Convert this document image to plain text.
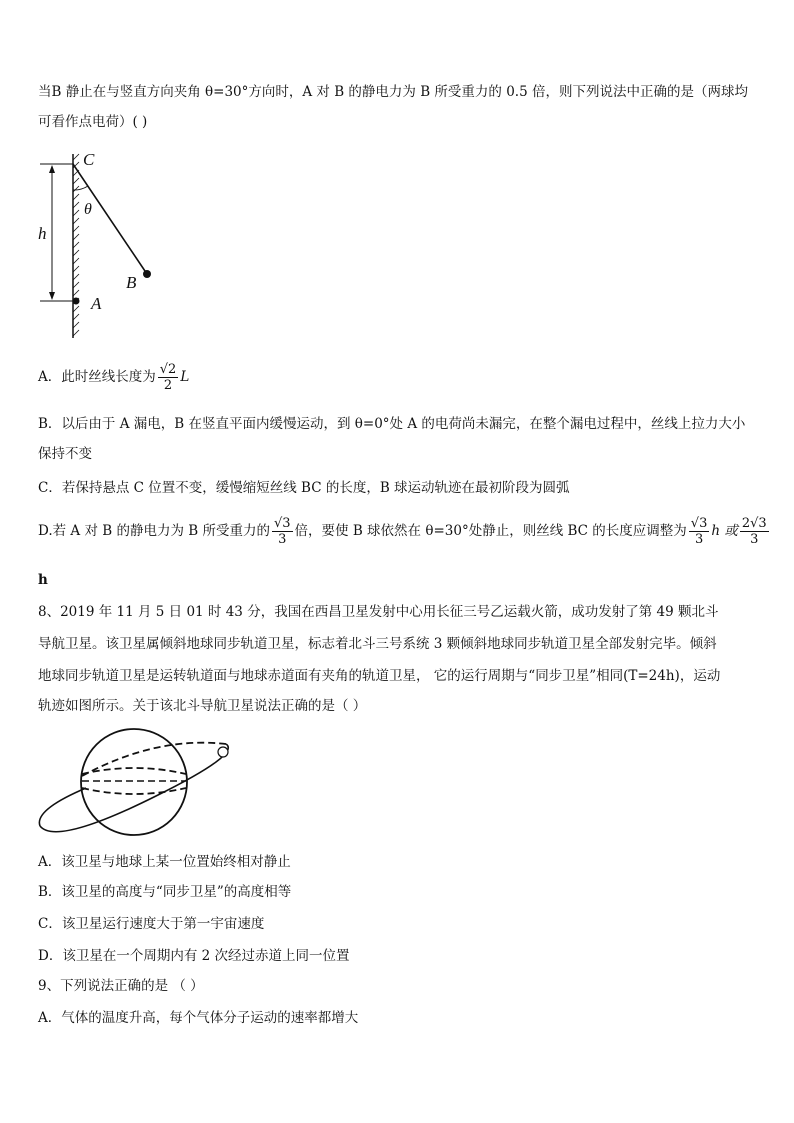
当B 静止在与竖直方向夹角 θ=30°方向时，A 对 B 的静电力为 B 所受重力的 0.5 倍，则下列说法中正确的是（两球均
可看作点电荷）( )
C
θ
h
B
A
A．此时丝线长度为 $\frac{√2}{2}$ L
B．以后由于 A 漏电，B 在竖直平面内缓慢运动，到 θ=0°处 A 的电荷尚未漏完，在整个漏电过程中，丝线上拉力大小
保持不变
C．若保持悬点 C 位置不变，缓慢缩短丝线 BC 的长度，B 球运动轨迹在最初阶段为圆弧
D.若 A 对 B 的静电力为 B 所受重力的 $\frac{√3}{3}$ 倍，要使 B 球依然在 θ=30°处静止，则丝线 BC 的长度应调整为 $\frac{√3}{3}$ h 或 $\frac{2√3}{3}$
h
8、2019 年 11 月 5 日 01 时 43 分，我国在西昌卫星发射中心用长征三号乙运载火箭，成功发射了第 49 颗北斗
导航卫星。该卫星属倾斜地球同步轨道卫星，标志着北斗三号系统 3 颗倾斜地球同步轨道卫星全部发射完毕。倾斜
地球同步轨道卫星是运转轨道面与地球赤道面有夹角的轨道卫星， 它的运行周期与“同步卫星”相同(T=24h)，运动
轨迹如图所示。关于该北斗导航卫星说法正确的是（ ）
A．该卫星与地球上某一位置始终相对静止
B．该卫星的高度与“同步卫星”的高度相等
C．该卫星运行速度大于第一宇宙速度
D．该卫星在一个周期内有 2 次经过赤道上同一位置
9、下列说法正确的是 （ ）
A．气体的温度升高，每个气体分子运动的速率都增大
